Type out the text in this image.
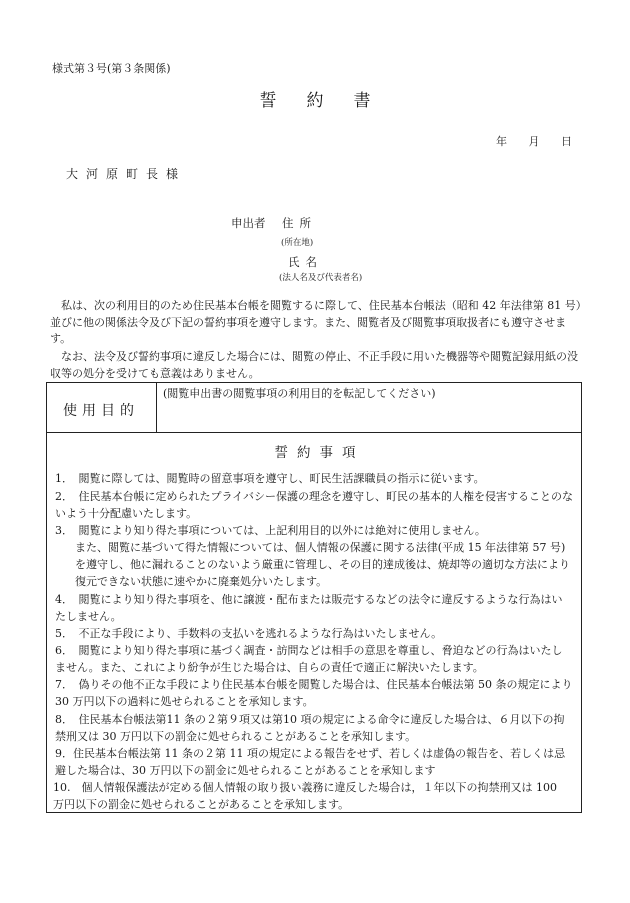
様式第３号(第３条関係)
誓約書
年 月 日
大河原町長様
申出者 住所
(所在地)
氏名
(法人名及び代表者名)
私は、次の利用目的のため住民基本台帳を閲覧するに際して、住民基本台帳法（昭和 42 年法律第 81 号）並びに他の関係法令及び下記の誓約事項を遵守します。また、閲覧者及び閲覧事項取扱者にも遵守させます。
なお、法令及び誓約事項に違反した場合には、閲覧の停止、不正手段に用いた機器等や閲覧記録用紙の没収等の処分を受けても意義はありません。
使用目的
(閲覧申出書の閲覧事項の利用目的を転記してください)
誓約事項
1．　閲覧に際しては、閲覧時の留意事項を遵守し、町民生活課職員の指示に従います。
2．　住民基本台帳に定められたプライバシー保護の理念を遵守し、町民の基本的人権を侵害することのないよう十分配慮いたします。
3．　閲覧により知り得た事項については、上記利用目的以外には絶対に使用しません。
また、閲覧に基づいて得た情報については、個人情報の保護に関する法律(平成 15 年法律第 57 号)を遵守し、他に漏れることのないよう厳重に管理し、その目的達成後は、焼却等の適切な方法により復元できない状態に速やかに廃棄処分いたします。
4．　閲覧により知り得た事項を、他に譲渡・配布または販売するなどの法令に違反するような行為はいたしません。
5．　不正な手段により、手数料の支払いを逃れるような行為はいたしません。
6．　閲覧により知り得た事項に基づく調査・訪問などは相手の意思を尊重し、脅迫などの行為はいたしません。また、これにより紛争が生じた場合は、自らの責任で適正に解決いたします。
7．　偽りその他不正な手段により住民基本台帳を閲覧した場合は、住民基本台帳法第 50 条の規定により 30 万円以下の過料に処せられることを承知します。
8．　住民基本台帳法第11 条の２第９項又は第10 項の規定による命令に違反した場合は、６月以下の拘禁刑又は 30 万円以下の罰金に処せられることがあることを承知します。
9．住民基本台帳法第 11 条の２第 11 項の規定による報告をせず、若しくは虚偽の報告を、若しくは忌避した場合は、30 万円以下の罰金に処せられることがあることを承知します
10.　個人情報保護法が定める個人情報の取り扱い義務に違反した場合は，１年以下の拘禁刑又は 100 万円以下の罰金に処せられることがあることを承知します。
